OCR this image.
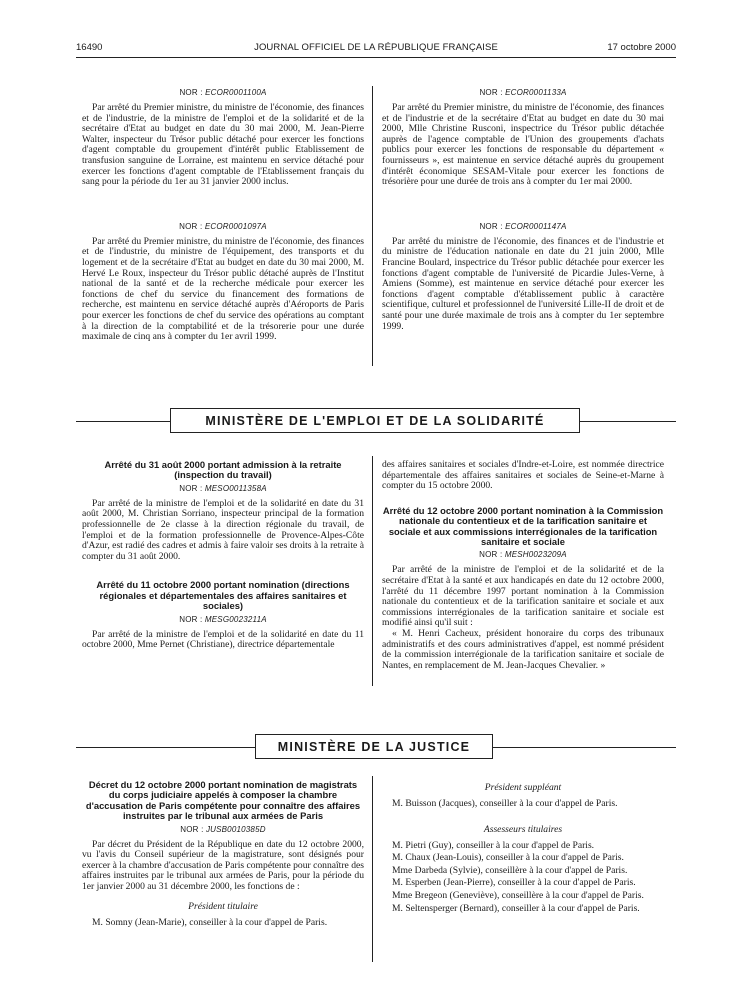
16490	JOURNAL OFFICIEL DE LA RÉPUBLIQUE FRANÇAISE	17 octobre 2000
NOR : ECOR0001100A

Par arrêté du Premier ministre, du ministre de l'économie, des finances et de l'industrie, de la ministre de l'emploi et de la solidarité et de la secrétaire d'Etat au budget en date du 30 mai 2000, M. Jean-Pierre Walter, inspecteur du Trésor public détaché pour exercer les fonctions d'agent comptable du groupement d'intérêt public Etablissement de transfusion sanguine de Lorraine, est maintenu en service détaché pour exercer les fonctions d'agent comptable de l'Etablissement français du sang pour la période du 1er au 31 janvier 2000 inclus.

NOR : ECOR0001097A

Par arrêté du Premier ministre, du ministre de l'économie, des finances et de l'industrie, du ministre de l'équipement, des transports et du logement et de la secrétaire d'Etat au budget en date du 30 mai 2000, M. Hervé Le Roux, inspecteur du Trésor public détaché auprès de l'Institut national de la santé et de la recherche médicale pour exercer les fonctions de chef du service du financement des formations de recherche, est maintenu en service détaché auprès d'Aéroports de Paris pour exercer les fonctions de chef du service des opérations au comptant à la direction de la comptabilité et de la trésorerie pour une durée maximale de cinq ans à compter du 1er avril 1999.

NOR : ECOR0001133A

Par arrêté du Premier ministre, du ministre de l'économie, des finances et de l'industrie et de la secrétaire d'Etat au budget en date du 30 mai 2000, Mlle Christine Rusconi, inspectrice du Trésor public détachée auprès de l'agence comptable de l'Union des groupements d'achats publics pour exercer les fonctions de responsable du département « fournisseurs », est maintenue en service détaché auprès du groupement d'intérêt économique SESAM-Vitale pour exercer les fonctions de trésorière pour une durée de trois ans à compter du 1er mai 2000.

NOR : ECOR0001147A

Par arrêté du ministre de l'économie, des finances et de l'industrie et du ministre de l'éducation nationale en date du 21 juin 2000, Mlle Francine Boulard, inspectrice du Trésor public détachée pour exercer les fonctions d'agent comptable de l'université de Picardie Jules-Verne, à Amiens (Somme), est maintenue en service détaché pour exercer les fonctions d'agent comptable d'établissement public à caractère scientifique, culturel et professionnel de l'université Lille-II de droit et de santé pour une durée maximale de trois ans à compter du 1er septembre 1999.

MINISTÈRE DE L'EMPLOI ET DE LA SOLIDARITÉ
Arrêté du 31 août 2000 portant admission à la retraite (inspection du travail)
NOR : MESO0011358A

Par arrêté de la ministre de l'emploi et de la solidarité en date du 31 août 2000, M. Christian Sorriano, inspecteur principal de la formation professionnelle de 2e classe à la direction régionale du travail, de l'emploi et de la formation professionnelle de Provence-Alpes-Côte d'Azur, est radié des cadres et admis à faire valoir ses droits à la retraite à compter du 31 août 2000.

Arrêté du 11 octobre 2000 portant nomination (directions régionales et départementales des affaires sanitaires et sociales)
NOR : MESG0023211A

Par arrêté de la ministre de l'emploi et de la solidarité en date du 11 octobre 2000, Mme Pernet (Christiane), directrice départementale

des affaires sanitaires et sociales d'Indre-et-Loire, est nommée directrice départementale des affaires sanitaires et sociales de Seine-et-Marne à compter du 15 octobre 2000.

Arrêté du 12 octobre 2000 portant nomination à la Commission nationale du contentieux et de la tarification sanitaire et sociale et aux commissions interrégionales de la tarification sanitaire et sociale
NOR : MESH0023209A

Par arrêté de la ministre de l'emploi et de la solidarité et de la secrétaire d'Etat à la santé et aux handicapés en date du 12 octobre 2000, l'arrêté du 11 décembre 1997 portant nomination à la Commission nationale du contentieux et de la tarification sanitaire et sociale et aux commissions interrégionales de la tarification sanitaire et sociale est modifié ainsi qu'il suit :

« M. Henri Cacheux, président honoraire du corps des tribunaux administratifs et des cours administratives d'appel, est nommé président de la commission interrégionale de la tarification sanitaire et sociale de Nantes, en remplacement de M. Jean-Jacques Chevalier. »

MINISTÈRE DE LA JUSTICE
Décret du 12 octobre 2000 portant nomination de magistrats du corps judiciaire appelés à composer la chambre d'accusation de Paris compétente pour connaître des affaires instruites par le tribunal aux armées de Paris
NOR : JUSB0010385D

Par décret du Président de la République en date du 12 octobre 2000, vu l'avis du Conseil supérieur de la magistrature, sont désignés pour exercer à la chambre d'accusation de Paris compétente pour connaître des affaires instruites par le tribunal aux armées de Paris, pour la période du 1er janvier 2000 au 31 décembre 2000, les fonctions de :

Président titulaire

M. Somny (Jean-Marie), conseiller à la cour d'appel de Paris.

Président suppléant

M. Buisson (Jacques), conseiller à la cour d'appel de Paris.

Assesseurs titulaires

M. Pietri (Guy), conseiller à la cour d'appel de Paris.

M. Chaux (Jean-Louis), conseiller à la cour d'appel de Paris.

Mme Darbeda (Sylvie), conseillère à la cour d'appel de Paris.

M. Esperben (Jean-Pierre), conseiller à la cour d'appel de Paris.

Mme Bregeon (Geneviève), conseillère à la cour d'appel de Paris.

M. Seltensperger (Bernard), conseiller à la cour d'appel de Paris.
